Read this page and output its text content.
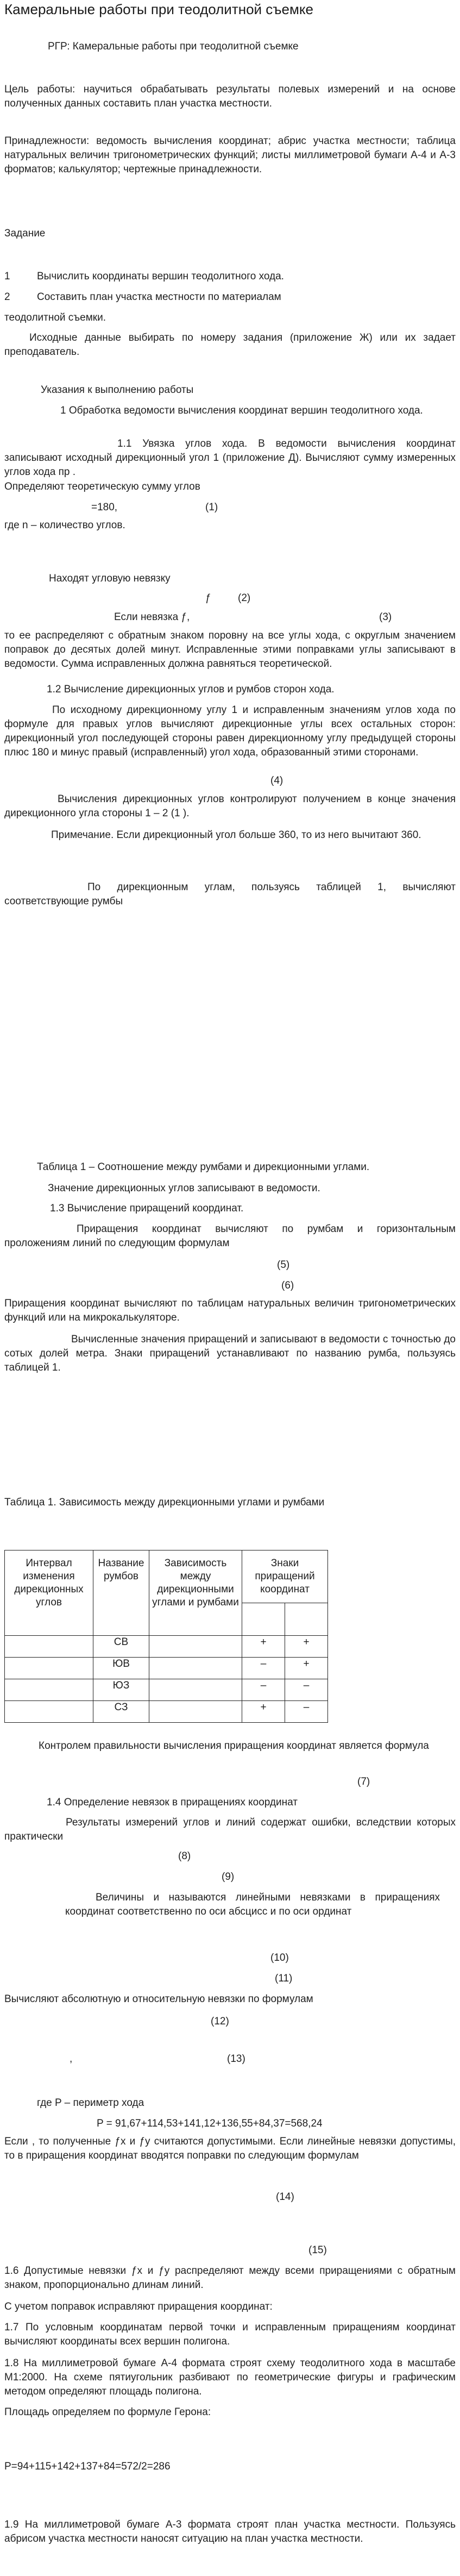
Камеральные работы при теодолитной съемке
РГР: Камеральные работы при теодолитной съемке
Цель работы: научиться обрабатывать результаты полевых измерений и на основе полученных данных составить план участка местности.
Принадлежности: ведомость вычисления координат; абрис участка местности; таблица натуральных величин тригонометрических функций; листы миллиметровой бумаги А-4 и А-3 форматов; калькулятор; чертежные принадлежности.
Задание
1	Вычислить координаты вершин теодолитного хода.
2	Составить план участка местности по материалам
теодолитной съемки.
Исходные данные выбирать по номеру задания (приложение Ж) или их задает преподаватель.
Указания к выполнению работы
1 Обработка ведомости вычисления координат вершин теодолитного хода.
1.1 Увязка углов хода. В ведомости вычисления координат записывают исходный дирекционный угол 1 (приложение Д). Вычисляют сумму измеренных углов хода пр .
Определяют теоретическую сумму углов
=180,	(1)
где n – количество углов.
Находят угловую невязку
ƒ	(2)
Если невязка ƒ,	(3)
то ее распределяют с обратным знаком поровну на все углы хода, с округлым значением поправок до десятых долей минут. Исправленные этими поправками углы записывают в ведомости. Сумма исправленных должна равняться теоретической.
1.2 Вычисление дирекционных углов и румбов сторон хода.
По исходному дирекционному углу 1 и исправленным значениям углов хода по формуле для правых углов вычисляют дирекционные углы всех остальных сторон: дирекционный угол последующей стороны равен дирекционному углу предыдущей стороны плюс 180 и минус правый (исправленный) угол хода, образованный этими сторонами.
(4)
Вычисления дирекционных углов контролируют получением в конце значения дирекционного угла стороны 1 – 2 (1 ).
Примечание. Если дирекционный угол больше 360, то из него вычитают 360.
По дирекционным углам, пользуясь таблицей 1, вычисляют соответствующие румбы
Таблица 1 – Соотношение между румбами и дирекционными углами.
Значение дирекционных углов записывают в ведомости.
1.3 Вычисление приращений координат.
Приращения координат вычисляют по румбам и горизонтальным проложениям линий по следующим формулам
(5)
(6)
Приращения координат вычисляют по таблицам натуральных величин тригонометрических функций или на микрокалькуляторе.
Вычисленные значения приращений и записывают в ведомости с точностью до сотых долей метра. Знаки приращений устанавливают по названию румба, пользуясь таблицей 1.
Таблица 1. Зависимость между дирекционными углами и румбами
Интервал изменения дирекционных углов	Название румбов	Зависимость между дирекционными углами и румбами	Знаки приращений координат	

	СВ		+	+
	ЮВ		–	+
	ЮЗ		–	–
	СЗ		+	–
Контролем правильности вычисления приращения координат является формула
(7)
1.4 Определение невязок в приращениях координат
Результаты измерений углов и линий содержат ошибки, вследствии которых практически
(8)
(9)
Величины и называются линейными невязками в приращениях координат соответственно по оси абсцисс и по оси ординат
(10)
(11)
Вычисляют абсолютную и относительную невязки по формулам
(12)
,	(13)
где P – периметр хода
P = 91,67+114,53+141,12+136,55+84,37=568,24
Если , то полученные ƒx и ƒy считаются допустимыми. Если линейные невязки допустимы, то в приращения координат вводятся поправки по следующим формулам
(14)
(15)
1.6 Допустимые невязки ƒx и ƒy распределяют между всеми приращениями с обратным знаком, пропорционально длинам линий.
С учетом поправок исправляют приращения координат:
1.7 По условным координатам первой точки и исправленным приращениям координат вычисляют координаты всех вершин полигона.
1.8 На миллиметровой бумаге А-4 формата строят схему теодолитного хода в масштабе М1:2000. На схеме пятиугольник разбивают по геометрические фигуры и графическим методом определяют площадь полигона.
Площадь определяем по формуле Герона:
P=94+115+142+137+84=572/2=286
1.9 На миллиметровой бумаге А-3 формата строят план участка местности. Пользуясь абрисом участка местности наносят ситуацию на план участка местности.
